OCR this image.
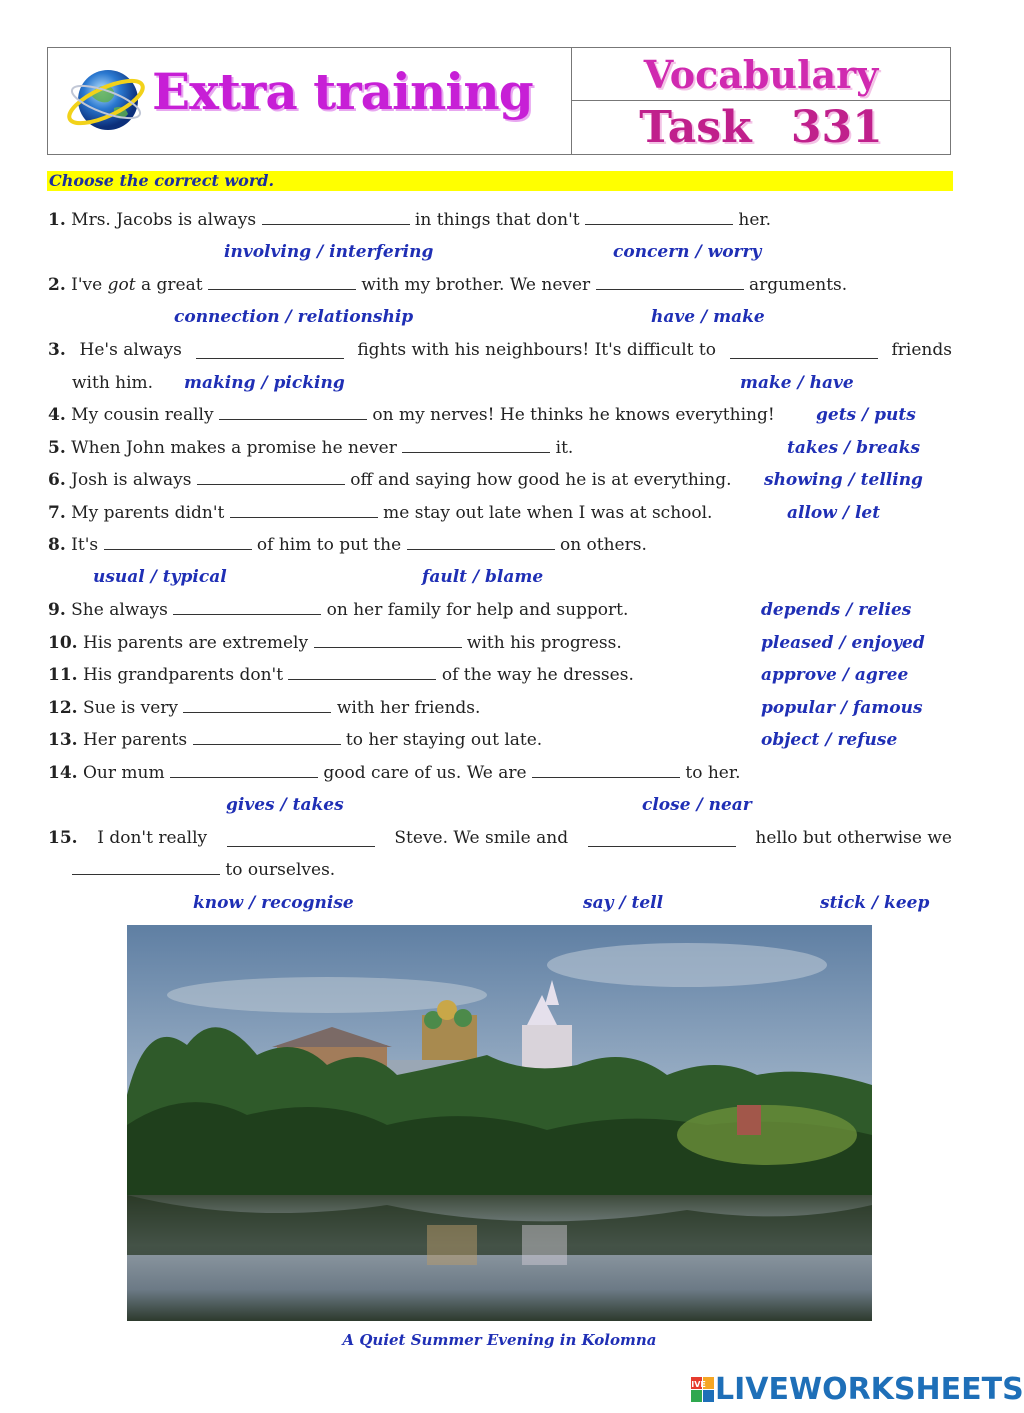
Extra training	Vocabulary
Task 331
Choose the correct word.
1. Mrs. Jacobs is always	in things that don't	her.
involving / interfering	concern / worry
2. I've got a great	with my brother. We never	arguments.
connection / relationship	have / make
3. He's always	fights with his neighbours! It's difficult to	friends
with him. making / picking	make / have
4. My cousin really	on my nerves! He thinks he knows everything! gets / puts
5. When John makes a promise he never	it.	takes / breaks
6. Josh is always	off and saying how good he is at everything. showing / telling
7. My parents didn't	me stay out late when I was at school.	allow / let
8. It's	of him to put the	on others.
usual / typical	fault / blame
9. She always	on her family for help and support.	depends / relies
10. His parents are extremely	with his progress.	pleased / enjoyed
11. His grandparents don't	of the way he dresses.	approve / agree
12. Sue is very	with her friends.	popular / famous
13. Her parents	to her staying out late.	object / refuse
14. Our mum	good care of us. We are	to her.
gives / takes	close / near
15. I don't really	Steve. We smile and	hello but otherwise we
to ourselves.
know / recognise	say / tell	stick / keep
A Quiet Summer Evening in Kolomna
LIVE LIVEWORKSHEETS
